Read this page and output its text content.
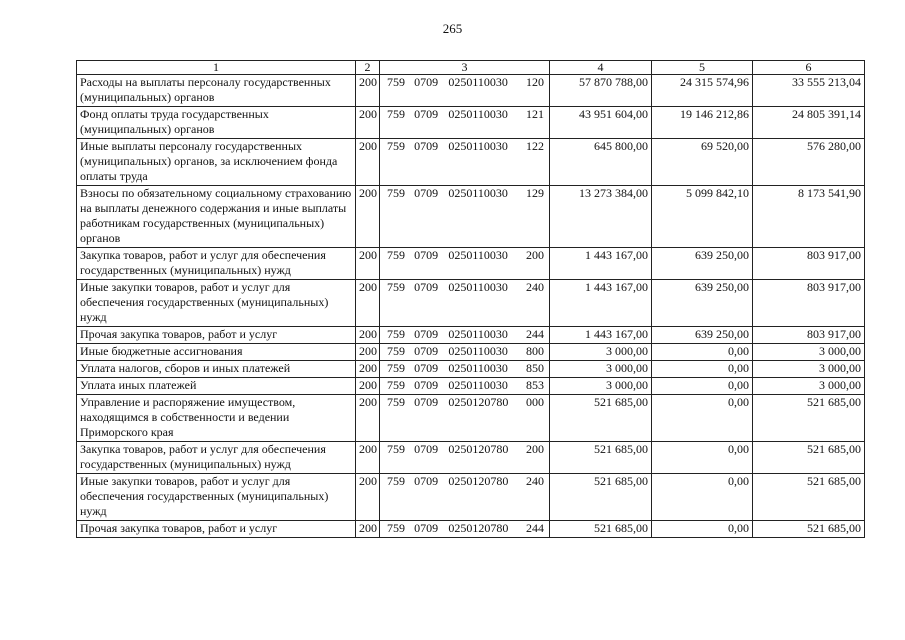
265
1	2	3	4	5	6
Расходы на выплаты персоналу государственных (муниципальных) органов	200	759 0709 0250110030 120	57 870 788,00	24 315 574,96	33 555 213,04
Фонд оплаты труда государственных (муниципальных) органов	200	759 0709 0250110030 121	43 951 604,00	19 146 212,86	24 805 391,14
Иные выплаты персоналу государственных (муниципальных) органов, за исключением фонда оплаты труда	200	759 0709 0250110030 122	645 800,00	69 520,00	576 280,00
Взносы по обязательному социальному страхованию на выплаты денежного содержания и иные выплаты работникам государственных (муниципальных) органов	200	759 0709 0250110030 129	13 273 384,00	5 099 842,10	8 173 541,90
Закупка товаров, работ и услуг для обеспечения государственных (муниципальных) нужд	200	759 0709 0250110030 200	1 443 167,00	639 250,00	803 917,00
Иные закупки товаров, работ и услуг для обеспечения государственных (муниципальных) нужд	200	759 0709 0250110030 240	1 443 167,00	639 250,00	803 917,00
Прочая закупка товаров, работ и услуг	200	759 0709 0250110030 244	1 443 167,00	639 250,00	803 917,00
Иные бюджетные ассигнования	200	759 0709 0250110030 800	3 000,00	0,00	3 000,00
Уплата налогов, сборов и иных платежей	200	759 0709 0250110030 850	3 000,00	0,00	3 000,00
Уплата иных платежей	200	759 0709 0250110030 853	3 000,00	0,00	3 000,00
Управление и распоряжение имуществом, находящимся в собственности и ведении Приморского края	200	759 0709 0250120780 000	521 685,00	0,00	521 685,00
Закупка товаров, работ и услуг для обеспечения государственных (муниципальных) нужд	200	759 0709 0250120780 200	521 685,00	0,00	521 685,00
Иные закупки товаров, работ и услуг для обеспечения государственных (муниципальных) нужд	200	759 0709 0250120780 240	521 685,00	0,00	521 685,00
Прочая закупка товаров, работ и услуг	200	759 0709 0250120780 244	521 685,00	0,00	521 685,00
